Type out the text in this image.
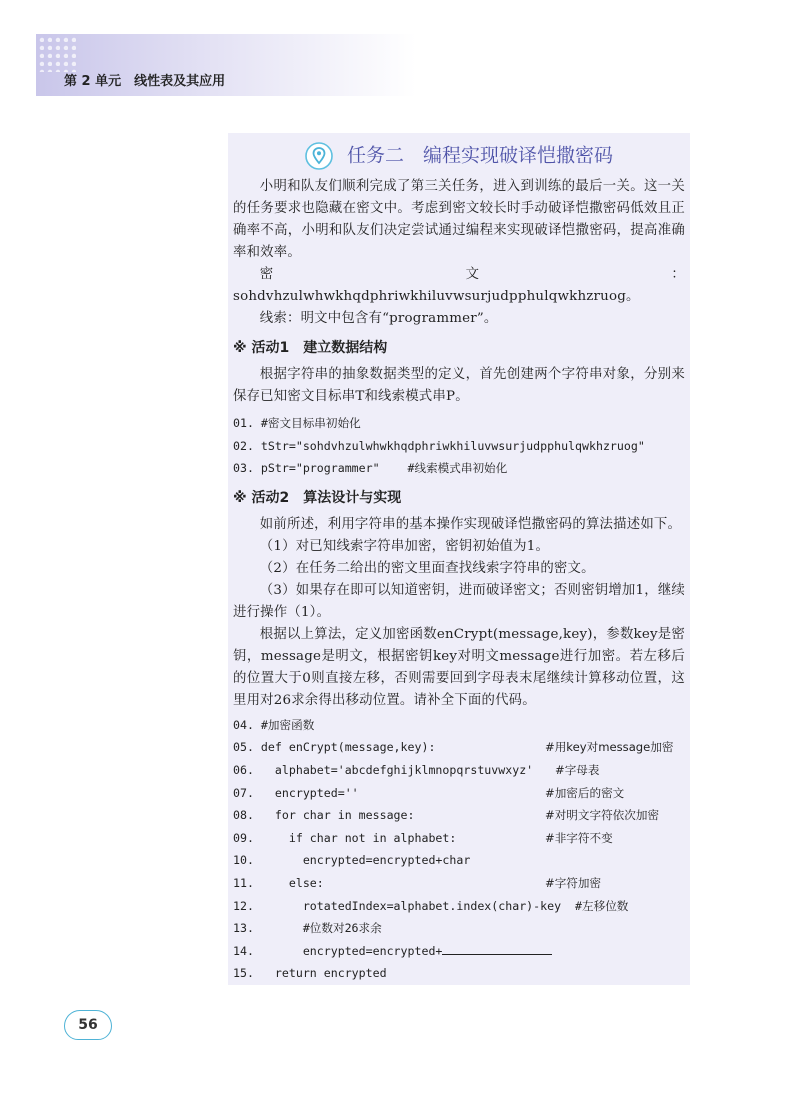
第 2 单元　线性表及其应用
任务二　编程实现破译恺撒密码

小明和队友们顺利完成了第三关任务，进入到训练的最后一关。这一关的任务要求也隐藏在密文中。考虑到密文较长时手动破译恺撒密码低效且正确率不高，小明和队友们决定尝试通过编程来实现破译恺撒密码，提高准确率和效率。

密文：sohdvhzulwhwkhqdphriwkhiluvwsurjudpphulqwkhzruog。

线索：明文中包含有“programmer”。

※ 活动1　建立数据结构

根据字符串的抽象数据类型的定义，首先创建两个字符串对象，分别来保存已知密文目标串T和线索模式串P。

01. #密文目标串初始化
02. tStr="sohdvhzulwhwkhqdphriwkhiluvwsurjudpphulqwkhzruog"
03. pStr="programmer"    #线索模式串初始化
※ 活动2　算法设计与实现

如前所述，利用字符串的基本操作实现破译恺撒密码的算法描述如下。

（1）对已知线索字符串加密，密钥初始值为1。

（2）在任务二给出的密文里面查找线索字符串的密文。

（3）如果存在即可以知道密钥，进而破译密文；否则密钥增加1，继续进行操作（1）。

根据以上算法，定义加密函数enCrypt(message,key)，参数key是密钥，message是明文，根据密钥key对明文message进行加密。若左移后的位置大于0则直接左移，否则需要回到字母表末尾继续计算移动位置，这里用对26求余得出移动位置。请补全下面的代码。

04. #加密函数
05. def enCrypt(message,key):	#用key对message加密
06.   alphabet='abcdefghijklmnopqrstuvwxyz' #字母表
07.   encrypted=''	#加密后的密文
08.   for char in message:	#对明文字符依次加密
09.     if char not in alphabet:	#非字符不变
10.       encrypted=encrypted+char
11.     else:	#字符加密
12.       rotatedIndex=alphabet.index(char)-key  #左移位数
13.       #位数对26求余
14.       encrypted=encrypted+
15.   return encrypted
56
